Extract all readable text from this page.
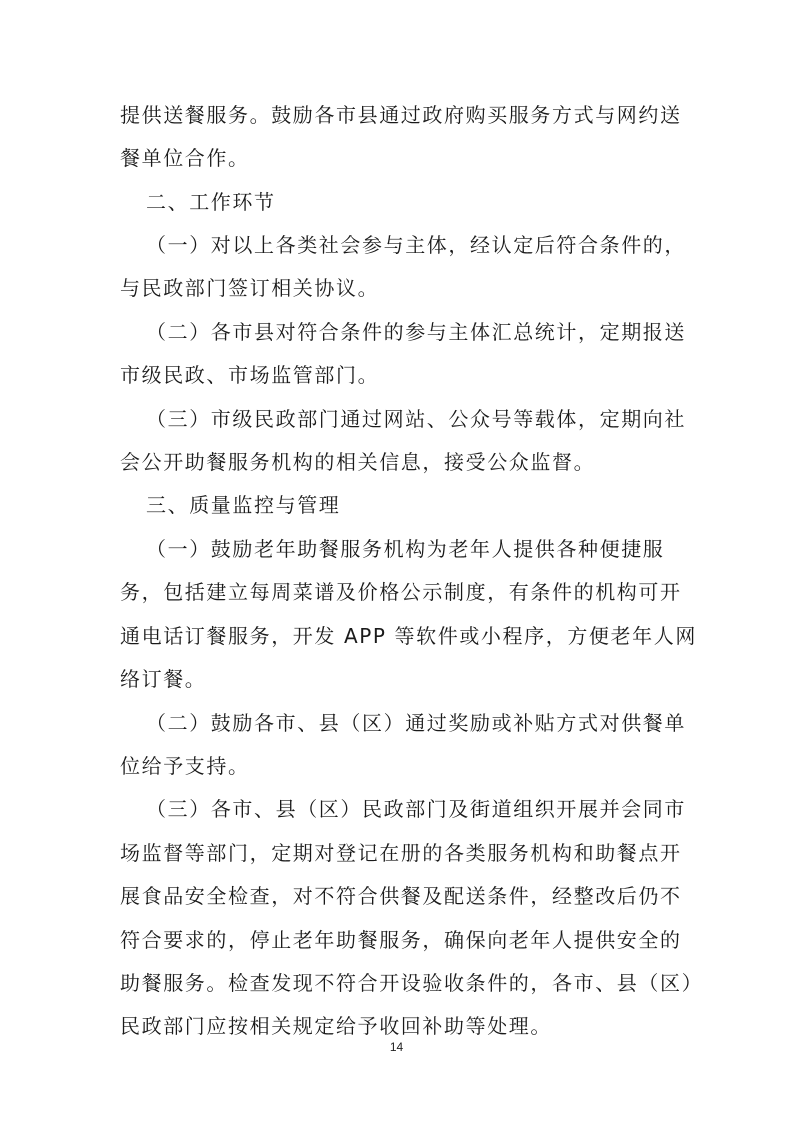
提供送餐服务。鼓励各市县通过政府购买服务方式与网约送
餐单位合作。
二、工作环节
（一）对以上各类社会参与主体，经认定后符合条件的，
与民政部门签订相关协议。
（二）各市县对符合条件的参与主体汇总统计，定期报送
市级民政、市场监管部门。
（三）市级民政部门通过网站、公众号等载体，定期向社
会公开助餐服务机构的相关信息，接受公众监督。
三、质量监控与管理
（一）鼓励老年助餐服务机构为老年人提供各种便捷服
务，包括建立每周菜谱及价格公示制度，有条件的机构可开
通电话订餐服务，开发 APP 等软件或小程序，方便老年人网
络订餐。
（二）鼓励各市、县（区）通过奖励或补贴方式对供餐单
位给予支持。
（三）各市、县（区）民政部门及街道组织开展并会同市
场监督等部门，定期对登记在册的各类服务机构和助餐点开
展食品安全检查，对不符合供餐及配送条件，经整改后仍不
符合要求的，停止老年助餐服务，确保向老年人提供安全的
助餐服务。检查发现不符合开设验收条件的，各市、县（区）
民政部门应按相关规定给予收回补助等处理。
14
